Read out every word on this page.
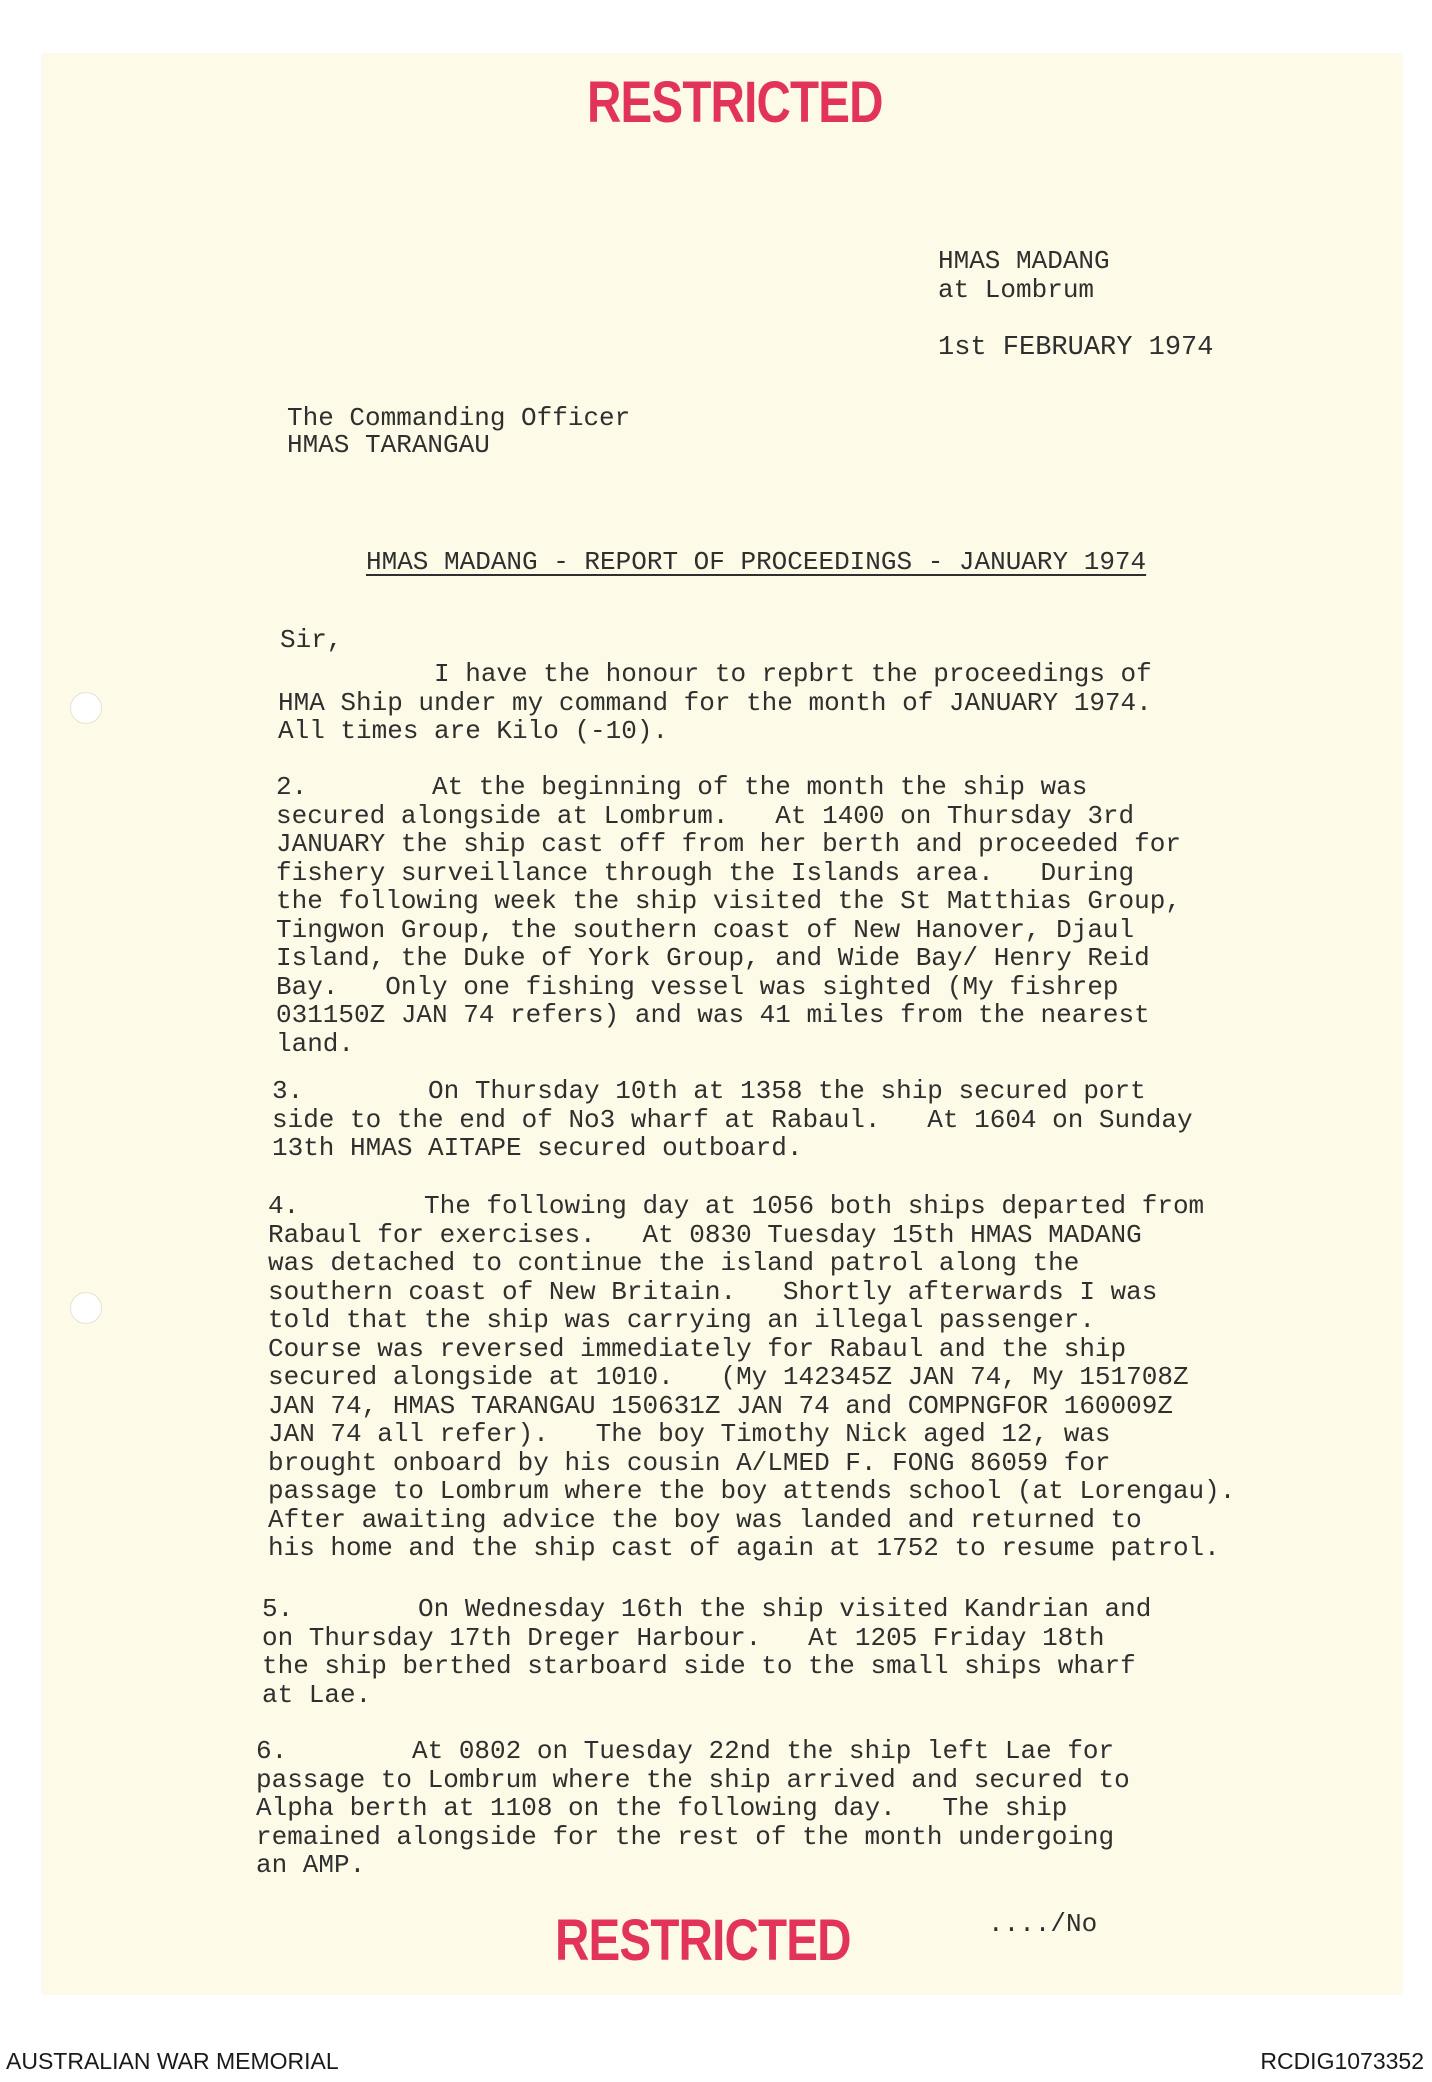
RESTRICTED
HMAS MADANG
at Lombrum
1st FEBRUARY 1974
The Commanding Officer
HMAS TARANGAU
HMAS MADANG - REPORT OF PROCEEDINGS - JANUARY 1974
Sir,
I have the honour to repbrt the proceedings of
HMA Ship under my command for the month of JANUARY 1974.
All times are Kilo (-10).
2.        At the beginning of the month the ship was
secured alongside at Lombrum.   At 1400 on Thursday 3rd
JANUARY the ship cast off from her berth and proceeded for
fishery surveillance through the Islands area.   During
the following week the ship visited the St Matthias Group,
Tingwon Group, the southern coast of New Hanover, Djaul
Island, the Duke of York Group, and Wide Bay/ Henry Reid
Bay.   Only one fishing vessel was sighted (My fishrep
031150Z JAN 74 refers) and was 41 miles from the nearest
land.
3.        On Thursday 10th at 1358 the ship secured port
side to the end of No3 wharf at Rabaul.   At 1604 on Sunday
13th HMAS AITAPE secured outboard.
4.        The following day at 1056 both ships departed from
Rabaul for exercises.   At 0830 Tuesday 15th HMAS MADANG
was detached to continue the island patrol along the
southern coast of New Britain.   Shortly afterwards I was
told that the ship was carrying an illegal passenger.
Course was reversed immediately for Rabaul and the ship
secured alongside at 1010.   (My 142345Z JAN 74, My 151708Z
JAN 74, HMAS TARANGAU 150631Z JAN 74 and COMPNGFOR 160009Z
JAN 74 all refer).   The boy Timothy Nick aged 12, was
brought onboard by his cousin A/LMED F. FONG 86059 for
passage to Lombrum where the boy attends school (at Lorengau).
After awaiting advice the boy was landed and returned to
his home and the ship cast of again at 1752 to resume patrol.
5.        On Wednesday 16th the ship visited Kandrian and
on Thursday 17th Dreger Harbour.   At 1205 Friday 18th
the ship berthed starboard side to the small ships wharf
at Lae.
6.        At 0802 on Tuesday 22nd the ship left Lae for
passage to Lombrum where the ship arrived and secured to
Alpha berth at 1108 on the following day.   The ship
remained alongside for the rest of the month undergoing
an AMP.
RESTRICTED	..../No
AUSTRALIAN WAR MEMORIAL	RCDIG1073352
